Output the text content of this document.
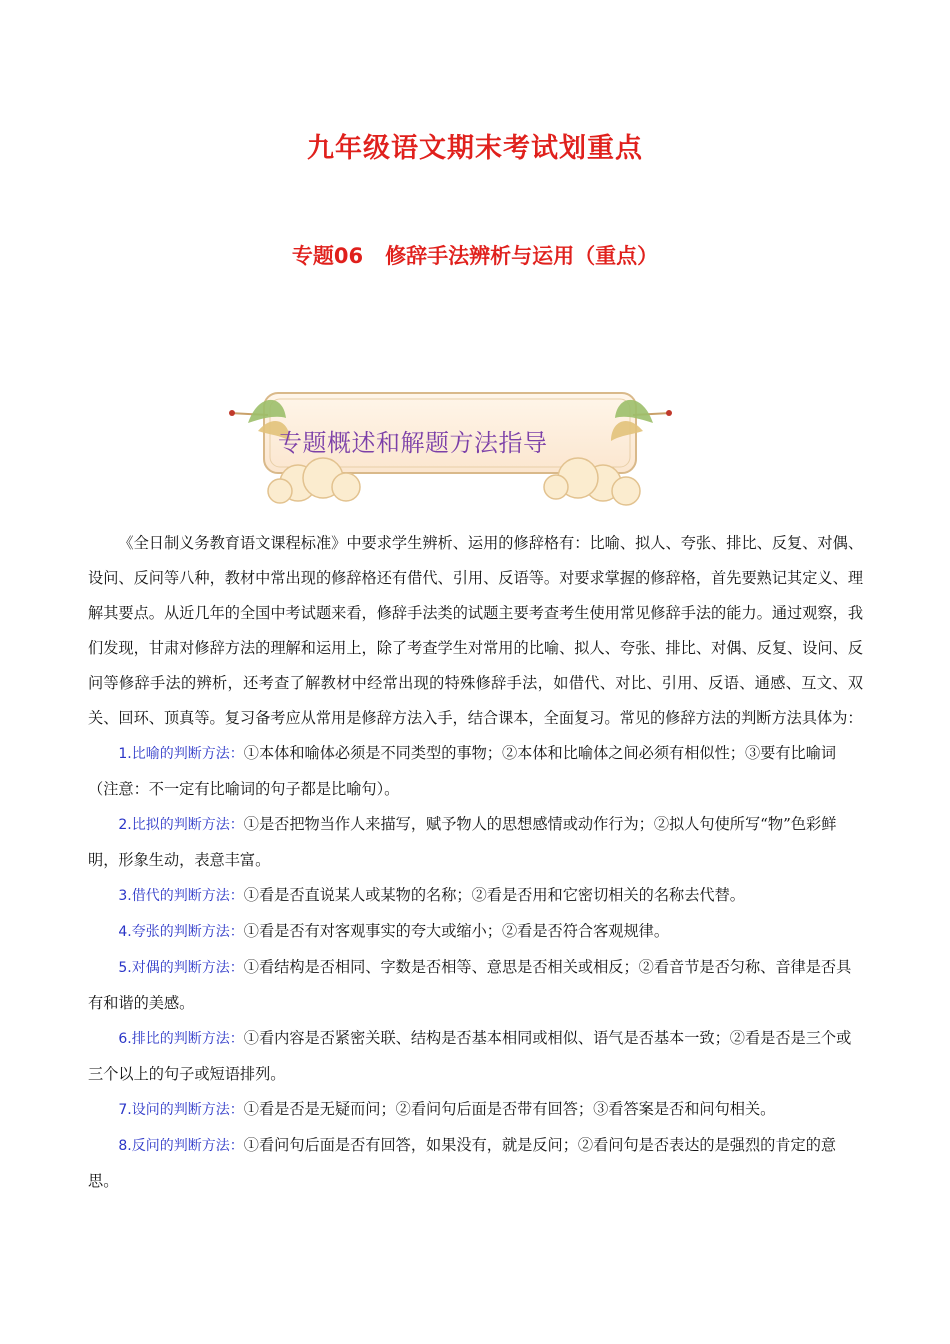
九年级语文期末考试划重点
专题06   修辞手法辨析与运用（重点）
专题概述和解题方法指导

《全日制义务教育语文课程标准》中要求学生辨析、运用的修辞格有：比喻、拟人、夸张、排比、反复、对偶、设问、反问等八种，教材中常出现的修辞格还有借代、引用、反语等。对要求掌握的修辞格，首先要熟记其定义、理解其要点。从近几年的全国中考试题来看，修辞手法类的试题主要考查考生使用常见修辞手法的能力。通过观察，我们发现，甘肃对修辞方法的理解和运用上，除了考查学生对常用的比喻、拟人、夸张、排比、对偶、反复、设问、反问等修辞手法的辨析，还考查了解教材中经常出现的特殊修辞手法，如借代、对比、引用、反语、通感、互文、双关、回环、顶真等。复习备考应从常用是修辞方法入手，结合课本，全面复习。常见的修辞方法的判断方法具体为：

1.比喻的判断方法：①本体和喻体必须是不同类型的事物；②本体和比喻体之间必须有相似性；③要有比喻词（注意：不一定有比喻词的句子都是比喻句）。

2.比拟的判断方法：①是否把物当作人来描写，赋予物人的思想感情或动作行为；②拟人句使所写“物”色彩鲜明，形象生动，表意丰富。

3.借代的判断方法：①看是否直说某人或某物的名称；②看是否用和它密切相关的名称去代替。

4.夸张的判断方法：①看是否有对客观事实的夸大或缩小；②看是否符合客观规律。

5.对偶的判断方法：①看结构是否相同、字数是否相等、意思是否相关或相反；②看音节是否匀称、音律是否具有和谐的美感。

6.排比的判断方法：①看内容是否紧密关联、结构是否基本相同或相似、语气是否基本一致；②看是否是三个或三个以上的句子或短语排列。

7.设问的判断方法：①看是否是无疑而问；②看问句后面是否带有回答；③看答案是否和问句相关。

8.反问的判断方法：①看问句后面是否有回答，如果没有，就是反问；②看问句是否表达的是强烈的肯定的意思。
